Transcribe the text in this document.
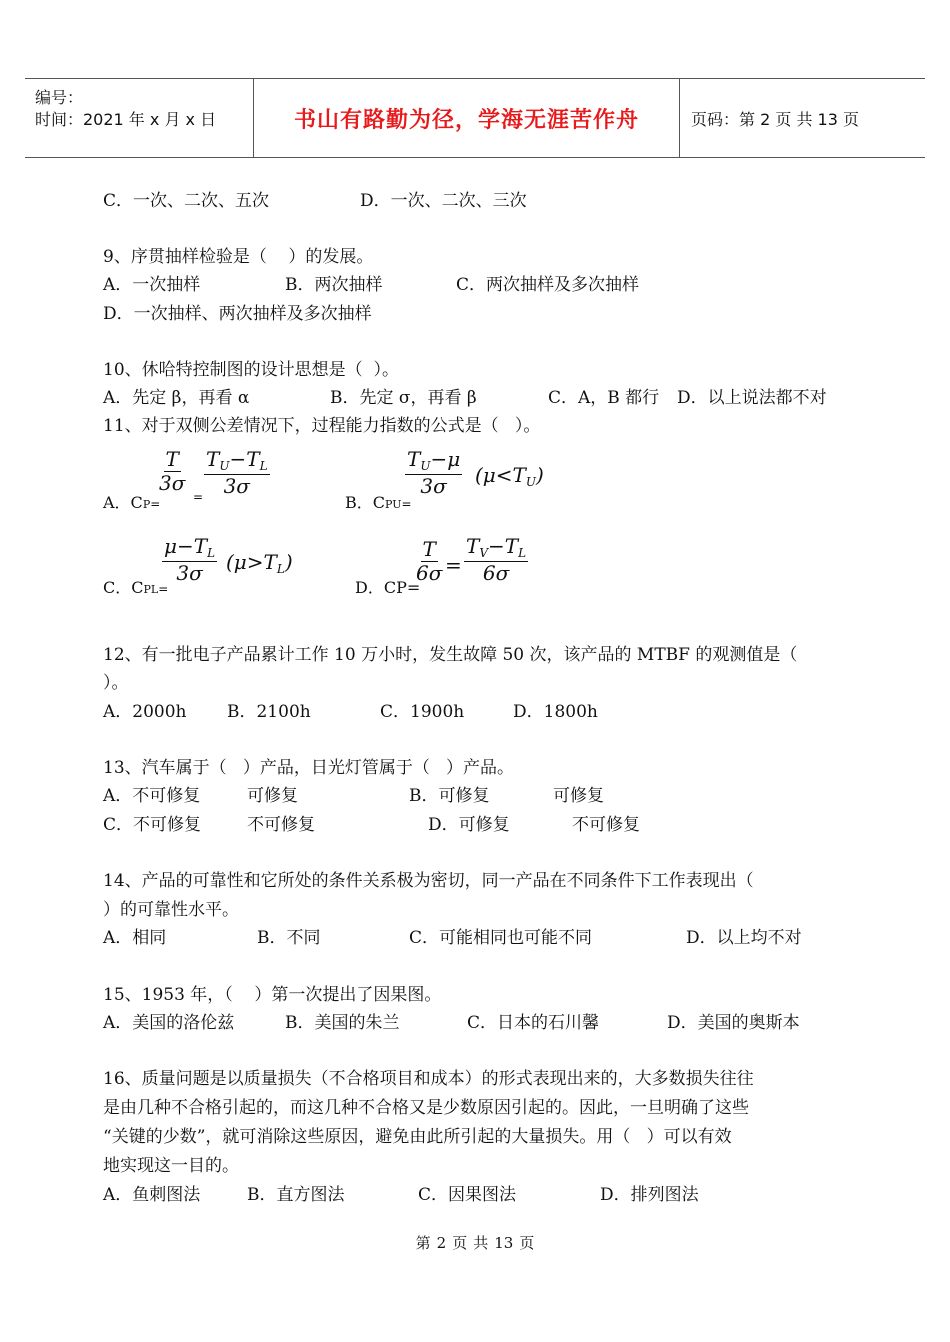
编号：
时间：2021 年 x 月 x 日	书山有路勤为径，学海无涯苦作舟	页码：第 2 页 共 13 页
C．一次、二次、五次	D．一次、二次、三次
9、序贯抽样检验是（    ）的发展。
A．一次抽样	B．两次抽样	C．两次抽样及多次抽样
D．一次抽样、两次抽样及多次抽样
10、休哈特控制图的设计思想是（  ）。
A．先定 β，再看 α	B．先定 σ，再看 β	C．A，B 都行 D．以上说法都不对
11、对于双侧公差情况下，过程能力指数的公式是（   ）。
A．CP=
$\frac{T}{3\sigma}$
= $\frac{T_U-T_L}{3\sigma}$
B．CPU=
$\frac{T_U-\mu}{3\sigma} (\mu<T_U)$
C．CPL=
$\frac{\mu-T_L}{3\sigma} (\mu>T_L)$
D．CP=
$\frac{T}{6\sigma} = \frac{T_V-T_L}{6\sigma}$
12、有一批电子产品累计工作 10 万小时，发生故障 50 次，该产品的 MTBF 的观测值是（
）。
A．2000h B．2100h	C．1900h	D．1800h
13、汽车属于（   ）产品，日光灯管属于（   ）产品。
A．不可修复	可修复	B．可修复	可修复
C．不可修复	不可修复	D．可修复	不可修复
14、产品的可靠性和它所处的条件关系极为密切，同一产品在不同条件下工作表现出（
）的可靠性水平。
A．相同	B．不同	C．可能相同也可能不同	D．以上均不对
15、1953 年，（    ）第一次提出了因果图。
A．美国的洛伦兹	B．美国的朱兰	C．日本的石川馨	D．美国的奥斯本
16、质量问题是以质量损失（不合格项目和成本）的形式表现出来的，大多数损失往往
是由几种不合格引起的，而这几种不合格又是少数原因引起的。因此，一旦明确了这些
“关键的少数”，就可消除这些原因，避免由此所引起的大量损失。用（   ）可以有效
地实现这一目的。
A．鱼刺图法	B．直方图法	C．因果图法	D．排列图法
第 2 页 共 13 页
